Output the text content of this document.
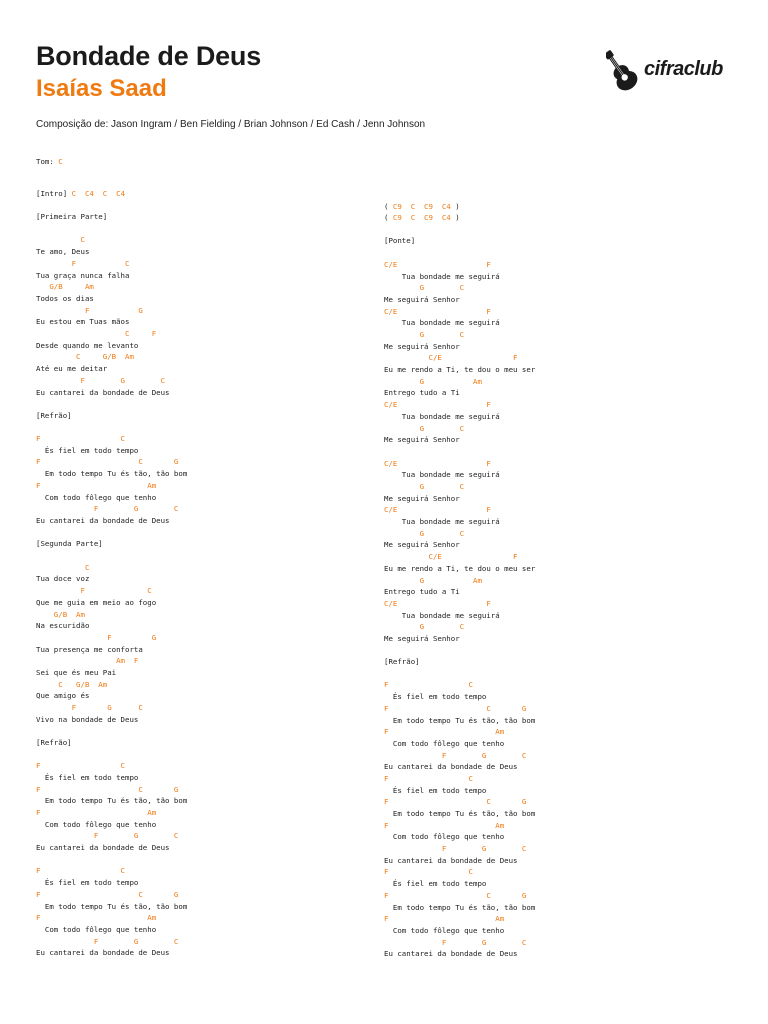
Bondade de Deus
Isaías Saad
cifraclub
Composição de: Jason Ingram / Ben Fielding / Brian Johnson / Ed Cash / Jenn Johnson
Tom: C
[Intro] C  C4  C  C4
[Primeira Parte]
C
Te amo, Deus
F           C
Tua graça nunca falha
G/B     Am
Todos os dias
F           G
Eu estou em Tuas mãos
C     F
Desde quando me levanto
C     G/B  Am
Até eu me deitar
F        G        C
Eu cantarei da bondade de Deus
[Refrão]
F                  C
És fiel em todo tempo
F                      C       G
Em todo tempo Tu és tão, tão bom
F                        Am
Com todo fôlego que tenho
F        G        C
Eu cantarei da bondade de Deus
[Segunda Parte]
C
Tua doce voz
F              C
Que me guia em meio ao fogo
G/B  Am
Na escuridão
F         G
Tua presença me conforta
Am  F
Sei que és meu Pai
C   G/B  Am
Que amigo és
F       G      C
Vivo na bondade de Deus
[Refrão]
F                  C
És fiel em todo tempo
F                      C       G
Em todo tempo Tu és tão, tão bom
F                        Am
Com todo fôlego que tenho
F        G        C
Eu cantarei da bondade de Deus
F                  C
És fiel em todo tempo
F                      C       G
Em todo tempo Tu és tão, tão bom
F                        Am
Com todo fôlego que tenho
F        G        C
Eu cantarei da bondade de Deus
( C9  C  C9  C4 )
( C9  C  C9  C4 )
[Ponte]
C/E                    F
Tua bondade me seguirá
G        C
Me seguirá Senhor
C/E                    F
Tua bondade me seguirá
G        C
Me seguirá Senhor
C/E                F
Eu me rendo a Ti, te dou o meu ser
G           Am
Entrego tudo a Ti
C/E                    F
Tua bondade me seguirá
G        C
Me seguirá Senhor
C/E                    F
Tua bondade me seguirá
G        C
Me seguirá Senhor
C/E                    F
Tua bondade me seguirá
G        C
Me seguirá Senhor
C/E                F
Eu me rendo a Ti, te dou o meu ser
G           Am
Entrego tudo a Ti
C/E                    F
Tua bondade me seguirá
G        C
Me seguirá Senhor
[Refrão]
F                  C
És fiel em todo tempo
F                      C       G
Em todo tempo Tu és tão, tão bom
F                        Am
Com todo fôlego que tenho
F        G        C
Eu cantarei da bondade de Deus
F                  C
És fiel em todo tempo
F                      C       G
Em todo tempo Tu és tão, tão bom
F                        Am
Com todo fôlego que tenho
F        G        C
Eu cantarei da bondade de Deus
F                  C
És fiel em todo tempo
F                      C       G
Em todo tempo Tu és tão, tão bom
F                        Am
Com todo fôlego que tenho
F        G        C
Eu cantarei da bondade de Deus
